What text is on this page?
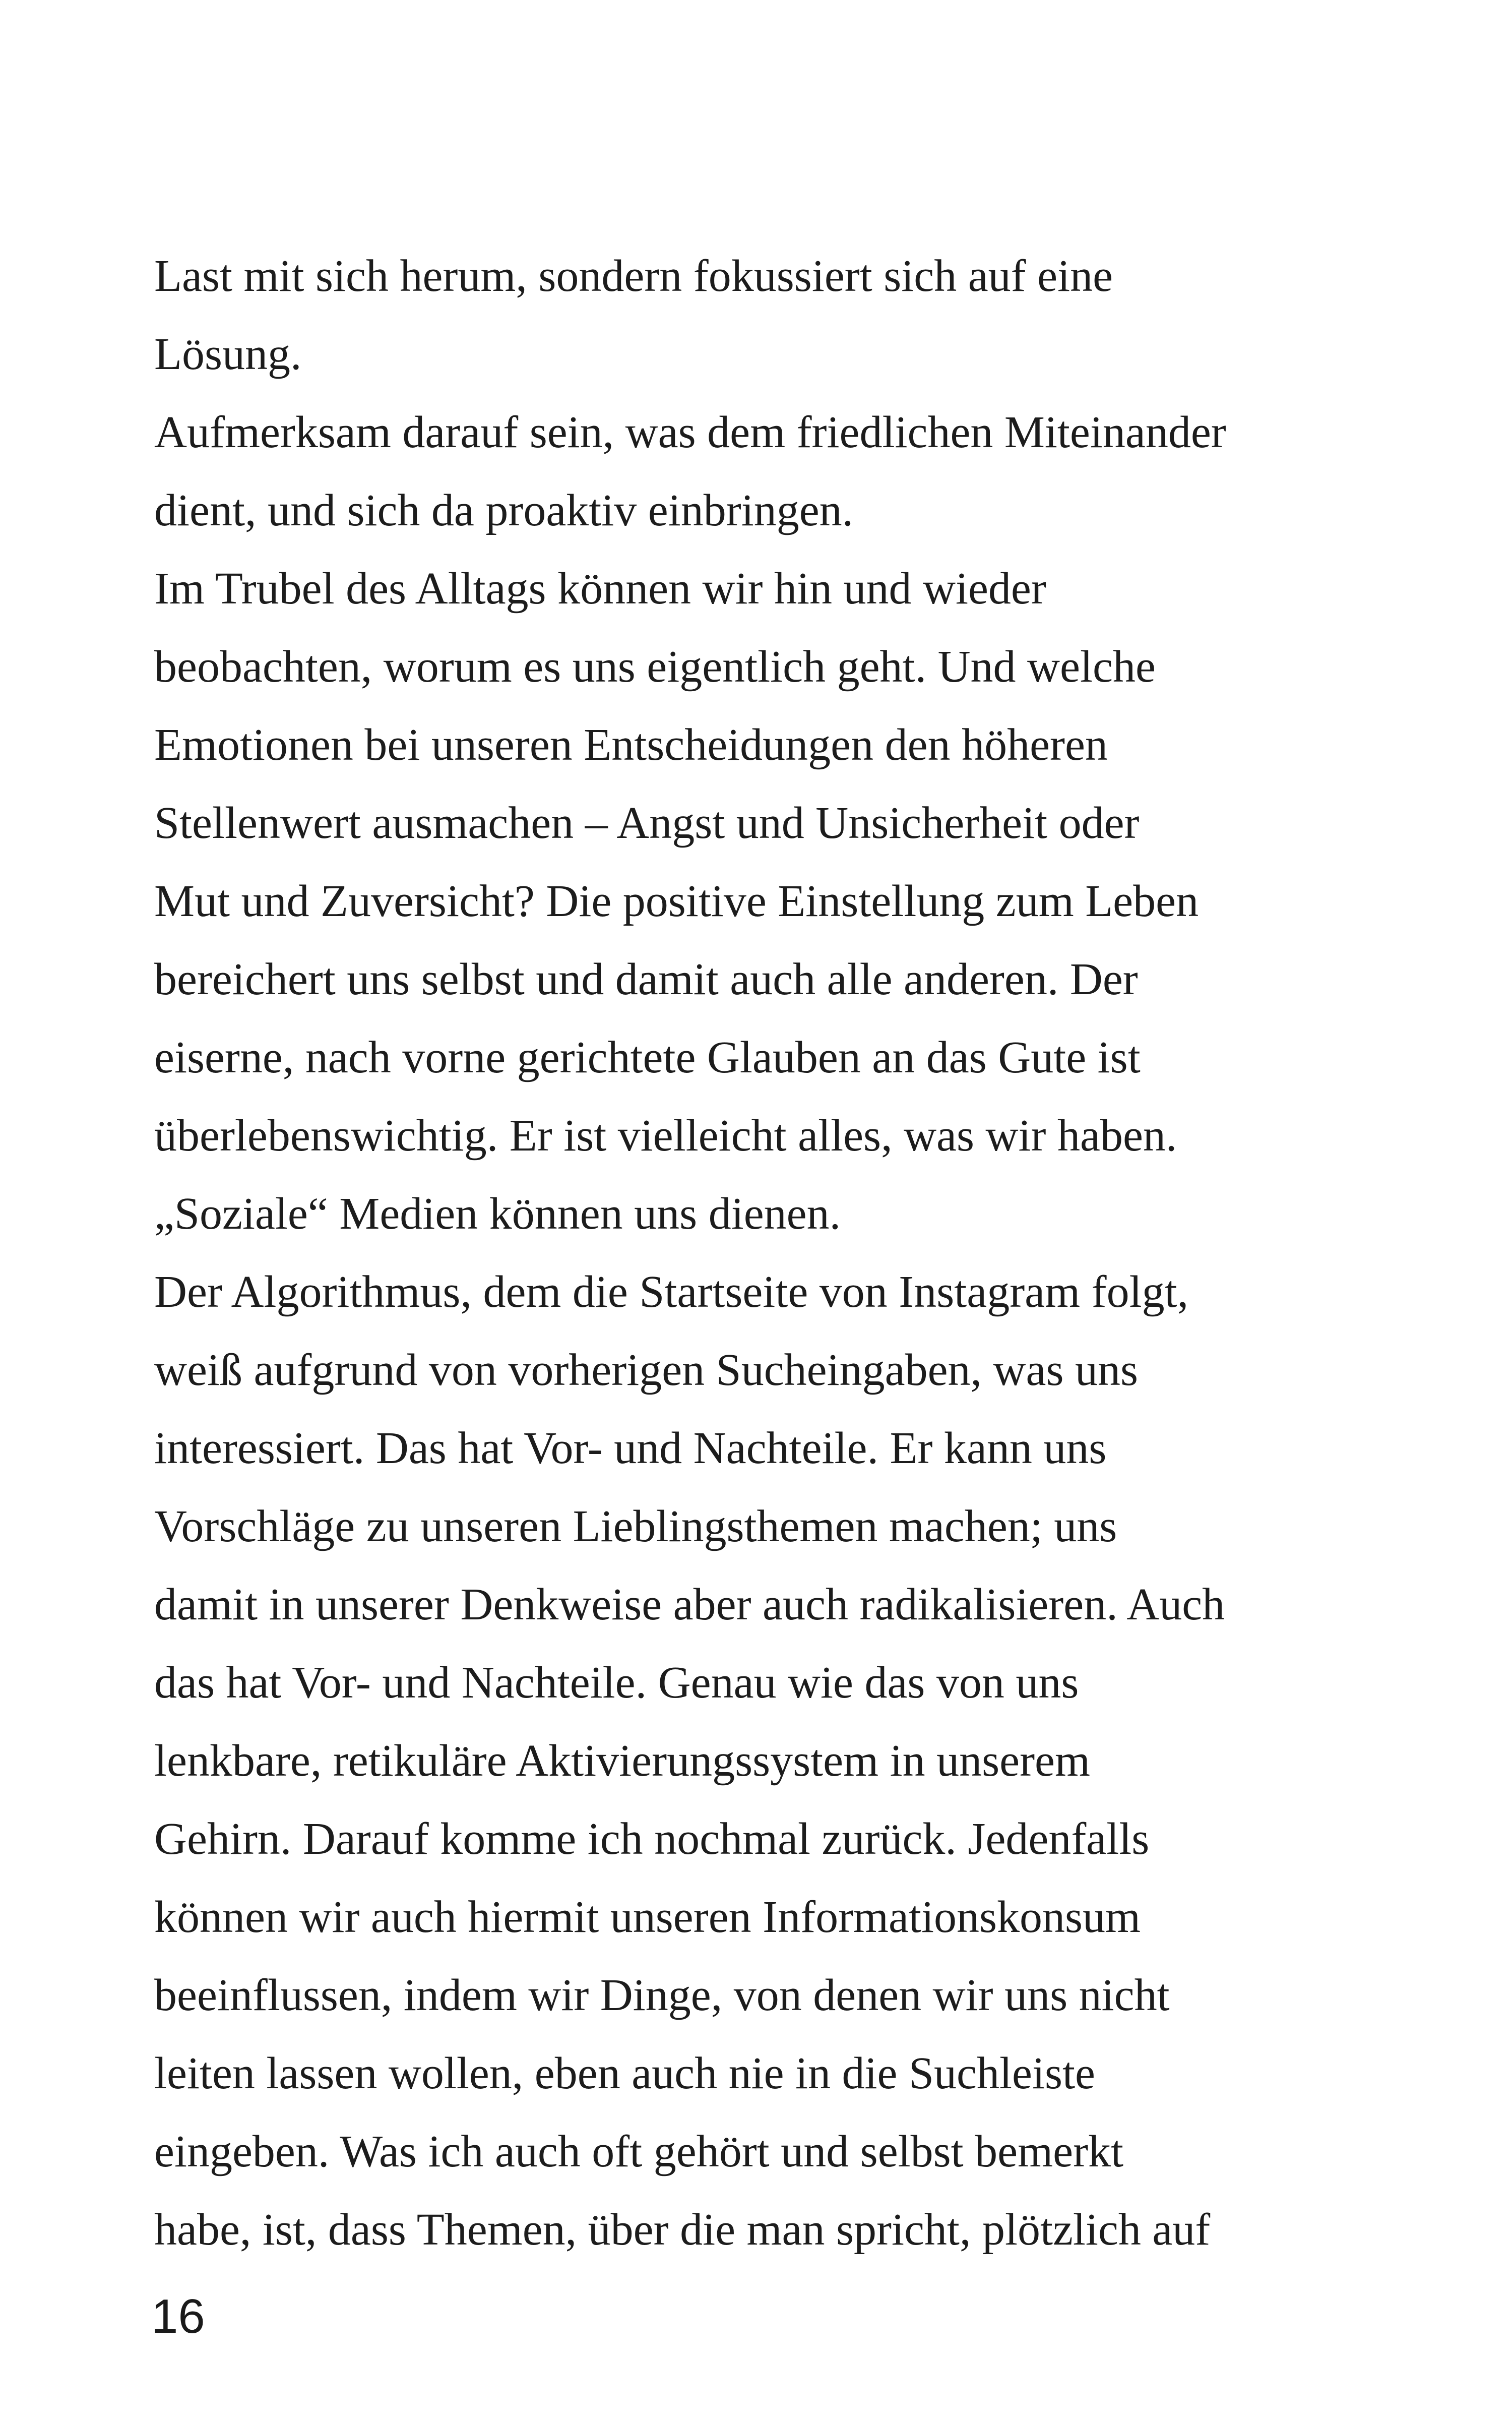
Last mit sich herum, sondern fokussiert sich auf eine
Lösung.
Aufmerksam darauf sein, was dem friedlichen Miteinander
dient, und sich da proaktiv einbringen.
Im Trubel des Alltags können wir hin und wieder
beobachten, worum es uns eigentlich geht. Und welche
Emotionen bei unseren Entscheidungen den höheren
Stellenwert ausmachen – Angst und Unsicherheit oder
Mut und Zuversicht? Die positive Einstellung zum Leben
bereichert uns selbst und damit auch alle anderen. Der
eiserne, nach vorne gerichtete Glauben an das Gute ist
überlebenswichtig. Er ist vielleicht alles, was wir haben.
„Soziale“ Medien können uns dienen.
Der Algorithmus, dem die Startseite von Instagram folgt,
weiß aufgrund von vorherigen Sucheingaben, was uns
interessiert. Das hat Vor- und Nachteile. Er kann uns
Vorschläge zu unseren Lieblingsthemen machen; uns
damit in unserer Denkweise aber auch radikalisieren. Auch
das hat Vor- und Nachteile. Genau wie das von uns
lenkbare, retikuläre Aktivierungssystem in unserem
Gehirn. Darauf komme ich nochmal zurück. Jedenfalls
können wir auch hiermit unseren Informationskonsum
beeinflussen, indem wir Dinge, von denen wir uns nicht
leiten lassen wollen, eben auch nie in die Suchleiste
eingeben. Was ich auch oft gehört und selbst bemerkt
habe, ist, dass Themen, über die man spricht, plötzlich auf
16
